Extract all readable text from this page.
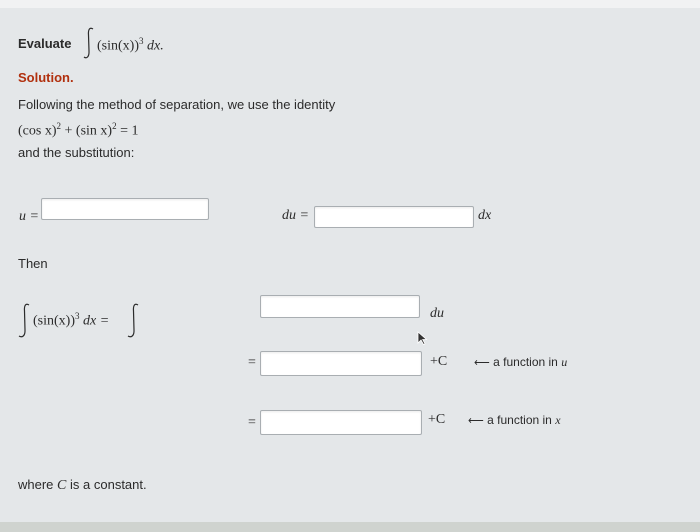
Evaluate $(\sin(x))^3$ dx.
Solution.
Following the method of separation, we use the identity
(cos x)$^2$ + (sin x)$^2$ = 1
and the substitution:
u =	du =	dx
Then
$(\sin(x))^3$ dx =
du
=	+C ⟵ a function in u
=	+C ⟵ a function in x
where C is a constant.
